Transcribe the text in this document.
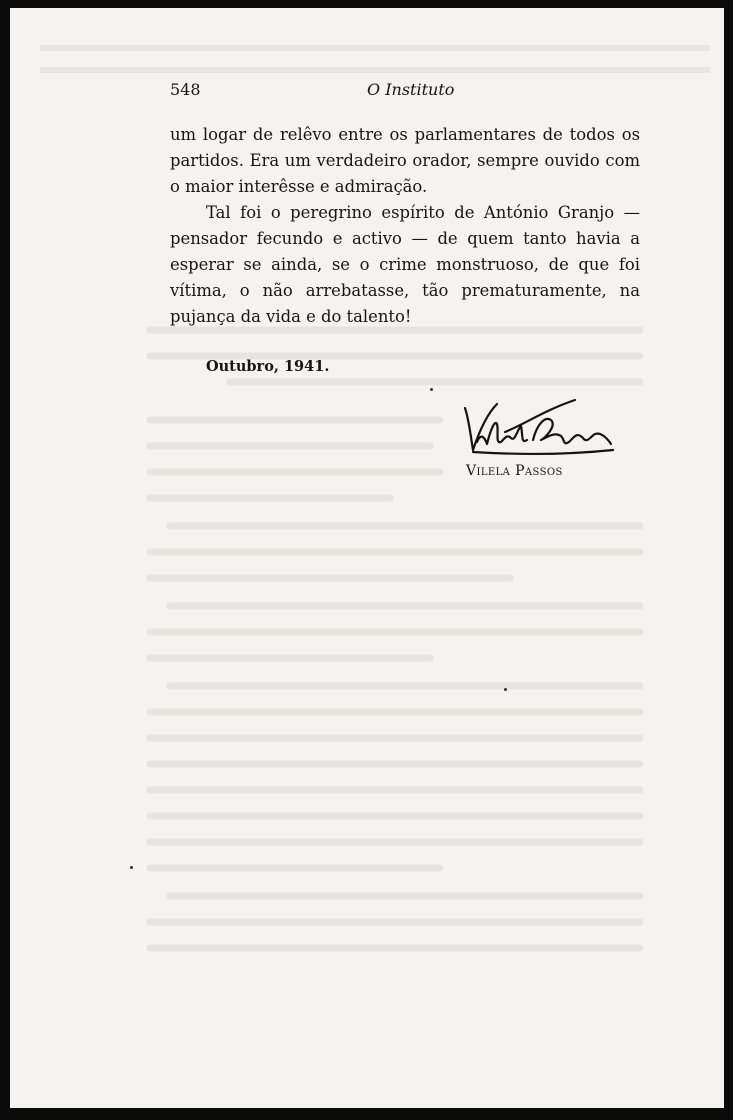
548	O Instituto

um logar de relêvo entre os parlamentares de todos os partidos. Era um verdadeiro orador, sempre ouvido com o maior interêsse e admiração.

Tal foi o peregrino espírito de António Granjo — pensador fecundo e activo — de quem tanto havia a esperar se ainda, se o crime monstruoso, de que foi vítima, o não arrebatasse, tão prematuramente, na pujança da vida e do talento!

Outubro, 1941.
Vilela Passos
